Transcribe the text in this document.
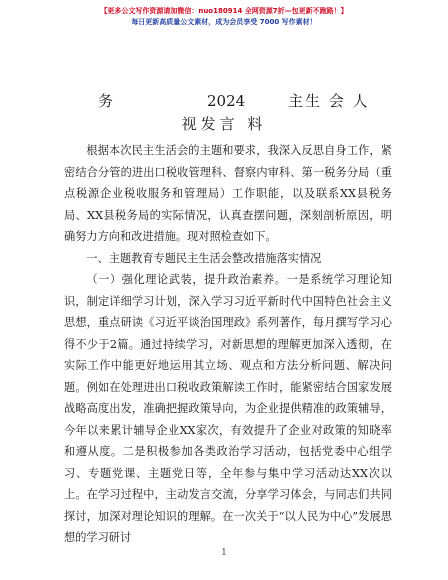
【更多公文写作资源请加微信：nuo180914 全网资源7折—包更新不跑路！】
每日更新高质量公文素材，成为会员享受 7000 写作素材！
务	2024	主生 会 人
视发言 料

根据本次民主生活会的主题和要求，我深入反思自身工作，紧密结合分管的进出口税收管理科、督察内审科、第一税务分局（重点税源企业税收服务和管理局）工作职能，以及联系XX县税务局、XX县税务局的实际情况，认真查摆问题，深刻剖析原因，明确努力方向和改进措施。现对照检查如下。

一、主题教育专题民主生活会整改措施落实情况

（一）强化理论武装，提升政治素养。一是系统学习理论知识，制定详细学习计划，深入学习习近平新时代中国特色社会主义思想，重点研读《习近平谈治国理政》系列著作，每月撰写学习心得不少于2篇。通过持续学习，对新思想的理解更加深入透彻，在实际工作中能更好地运用其立场、观点和方法分析问题、解决问题。例如在处理进出口税收政策解读工作时，能紧密结合国家发展战略高度出发，准确把握政策导向，为企业提供精准的政策辅导，今年以来累计辅导企业XX家次，有效提升了企业对政策的知晓率和遵从度。二是积极参加各类政治学习活动，包括党委中心组学习、专题党课、主题党日等，全年参与集中学习活动达XX次以上。在学习过程中，主动发言交流，分享学习体会，与同志们共同探讨，加深对理论知识的理解。在一次关于“以人民为中心”发展思想的学习研讨

1
